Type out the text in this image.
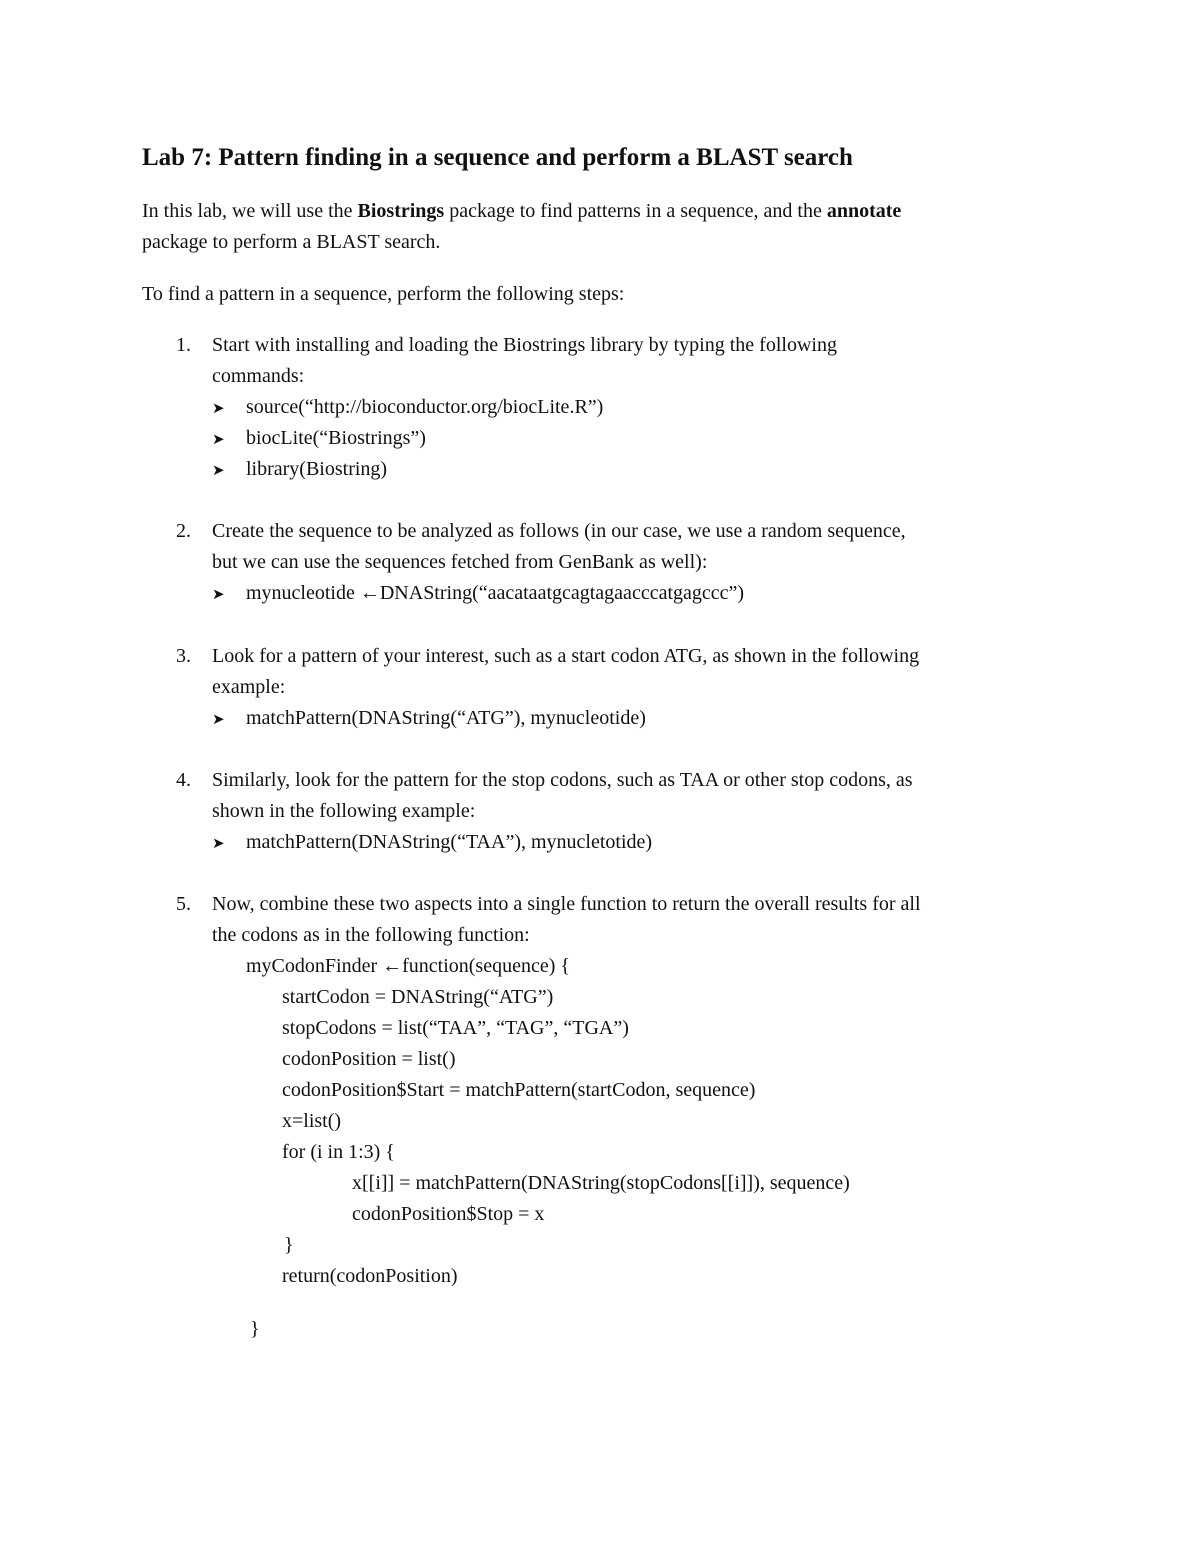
Lab 7: Pattern finding in a sequence and perform a BLAST search
In this lab, we will use the Biostrings package to find patterns in a sequence, and the annotate
package to perform a BLAST search.
To find a pattern in a sequence, perform the following steps:
1. Start with installing and loading the Biostrings library by typing the following
commands:
➤ source(“http://bioconductor.org/biocLite.R”)
➤ biocLite(“Biostrings”)
➤ library(Biostring)
2. Create the sequence to be analyzed as follows (in our case, we use a random sequence,
but we can use the sequences fetched from GenBank as well):
➤ mynucleotide ←DNAString(“aacataatgcagtagaacccatgagccc”)
3. Look for a pattern of your interest, such as a start codon ATG, as shown in the following
example:
➤ matchPattern(DNAString(“ATG”), mynucleotide)
4. Similarly, look for the pattern for the stop codons, such as TAA or other stop codons, as
shown in the following example:
➤ matchPattern(DNAString(“TAA”), mynucletotide)
5. Now, combine these two aspects into a single function to return the overall results for all
the codons as in the following function:
myCodonFinder ←function(sequence) {
startCodon = DNAString(“ATG”)
stopCodons = list(“TAA”, “TAG”, “TGA”)
codonPosition = list()
codonPosition$Start = matchPattern(startCodon, sequence)
x=list()
for (i in 1:3) {
x[[i]] = matchPattern(DNAString(stopCodons[[i]]), sequence)
codonPosition$Stop = x
}
return(codonPosition)
}
